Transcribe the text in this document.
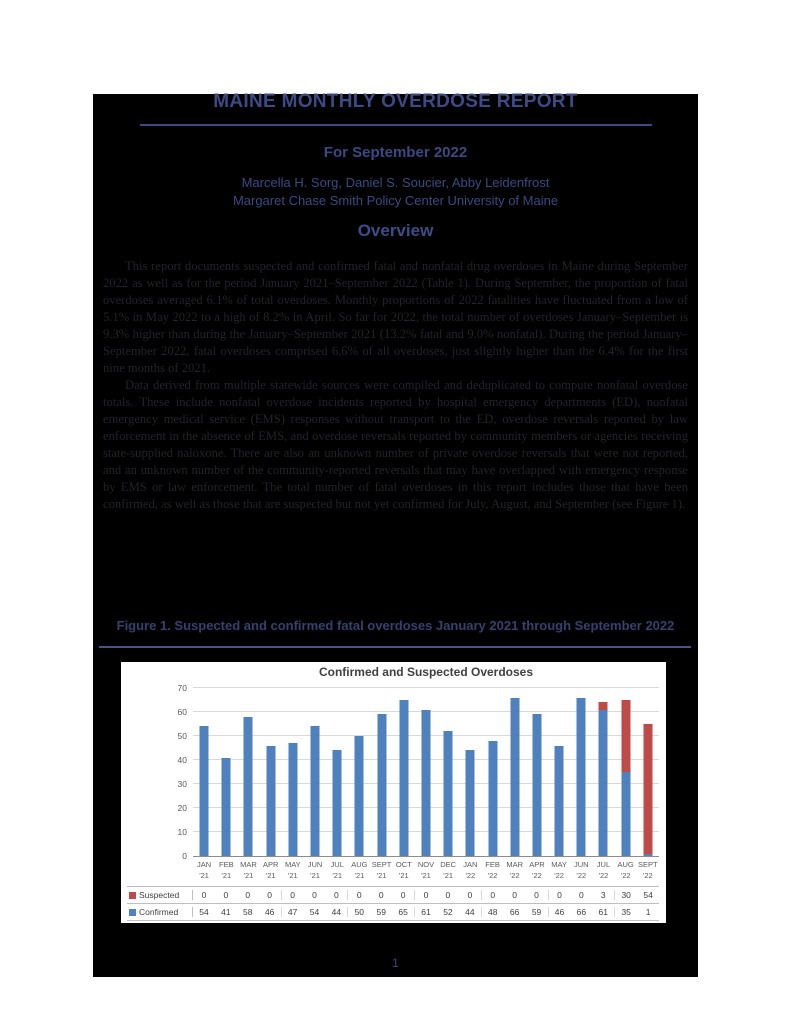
MAINE MONTHLY OVERDOSE REPORT
For September 2022
Marcella H. Sorg, Daniel S. Soucier, Abby Leidenfrost
Margaret Chase Smith Policy Center University of Maine
Overview

This report documents suspected and confirmed fatal and nonfatal drug overdoses in Maine during September 2022 as well as for the period January 2021–September 2022 (Table 1). During September, the proportion of fatal overdoses averaged 6.1% of total overdoses. Monthly proportions of 2022 fatalities have fluctuated from a low of 5.1% in May 2022 to a high of 8.2% in April. So far for 2022, the total number of overdoses January–September is 9.3% higher than during the January–September 2021 (13.2% fatal and 9.0% nonfatal). During the period January–September 2022, fatal overdoses comprised 6.6% of all overdoses, just slightly higher than the 6.4% for the first nine months of 2021.

Data derived from multiple statewide sources were compiled and deduplicated to compute nonfatal overdose totals. These include nonfatal overdose incidents reported by hospital emergency departments (ED), nonfatal emergency medical service (EMS) responses without transport to the ED, overdose reversals reported by law enforcement in the absence of EMS, and overdose reversals reported by community members or agencies receiving state-supplied naloxone. There are also an unknown number of private overdose reversals that were not reported, and an unknown number of the community-reported reversals that may have overlapped with emergency response by EMS or law enforcement. The total number of fatal overdoses in this report includes those that have been confirmed, as well as those that are suspected but not yet confirmed for July, August, and September (see Figure 1).

Figure 1. Suspected and confirmed fatal overdoses January 2021 through September 2022
Confirmed and Suspected Overdoses
0
10
20
30
40
50
60
70
JAN
'21
FEB
'21
MAR
'21
APR
'21
MAY
'21
JUN
'21
JUL
'21
AUG
'21
SEPT
'21
OCT
'21
NOV
'21
DEC
'21
JAN
'22
FEB
'22
MAR
'22
APR
'22
MAY
'22
JUN
'22
JUL
'22
AUG
'22
SEPT
'22
Suspected	0	0	0	0	0	0	0	0	0	0	0	0	0	0	0	0	0	0	3	30	54
Confirmed	54	41	58	46	47	54	44	50	59	65	61	52	44	48	66	59	46	66	61	35	1
1
